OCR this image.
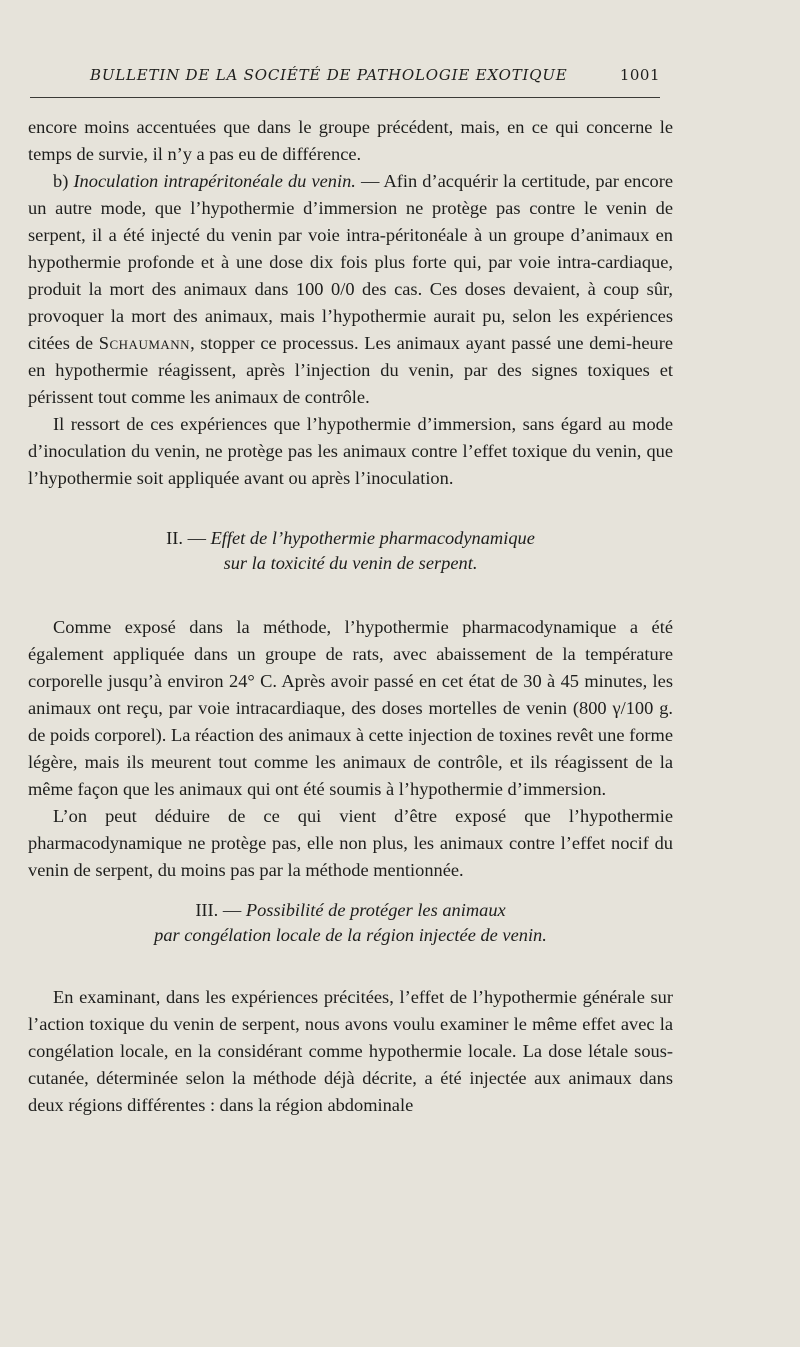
BULLETIN DE LA SOCIÉTÉ DE PATHOLOGIE EXOTIQUE	1001

encore moins accentuées que dans le groupe précédent, mais, en ce qui concerne le temps de survie, il n’y a pas eu de différence.

b) Inoculation intrapéritonéale du venin. — Afin d’acquérir la certitude, par encore un autre mode, que l’hypothermie d’immersion ne protège pas contre le venin de serpent, il a été injecté du venin par voie intra-péritonéale à un groupe d’animaux en hypothermie profonde et à une dose dix fois plus forte qui, par voie intra-cardiaque, produit la mort des animaux dans 100 0/0 des cas. Ces doses devaient, à coup sûr, provoquer la mort des animaux, mais l’hypothermie aurait pu, selon les expériences citées de Schaumann, stopper ce processus. Les animaux ayant passé une demi-heure en hypothermie réagissent, après l’injection du venin, par des signes toxiques et périssent tout comme les animaux de contrôle.

Il ressort de ces expériences que l’hypothermie d’immersion, sans égard au mode d’inoculation du venin, ne protège pas les animaux contre l’effet toxique du venin, que l’hypothermie soit appliquée avant ou après l’inoculation.

II. — Effet de l’hypothermie pharmacodynamique
sur la toxicité du venin de serpent.

Comme exposé dans la méthode, l’hypothermie pharmacodynamique a été également appliquée dans un groupe de rats, avec abaissement de la température corporelle jusqu’à environ 24° C. Après avoir passé en cet état de 30 à 45 minutes, les animaux ont reçu, par voie intracardiaque, des doses mortelles de venin (800 γ/100 g. de poids corporel). La réaction des animaux à cette injection de toxines revêt une forme légère, mais ils meurent tout comme les animaux de contrôle, et ils réagissent de la même façon que les animaux qui ont été soumis à l’hypothermie d’immersion.

L’on peut déduire de ce qui vient d’être exposé que l’hypothermie pharmacodynamique ne protège pas, elle non plus, les animaux contre l’effet nocif du venin de serpent, du moins pas par la méthode mentionnée.

III. — Possibilité de protéger les animaux
par congélation locale de la région injectée de venin.

En examinant, dans les expériences précitées, l’effet de l’hypothermie générale sur l’action toxique du venin de serpent, nous avons voulu examiner le même effet avec la congélation locale, en la considérant comme hypothermie locale. La dose létale sous-cutanée, déterminée selon la méthode déjà décrite, a été injectée aux animaux dans deux régions différentes : dans la région abdominale
